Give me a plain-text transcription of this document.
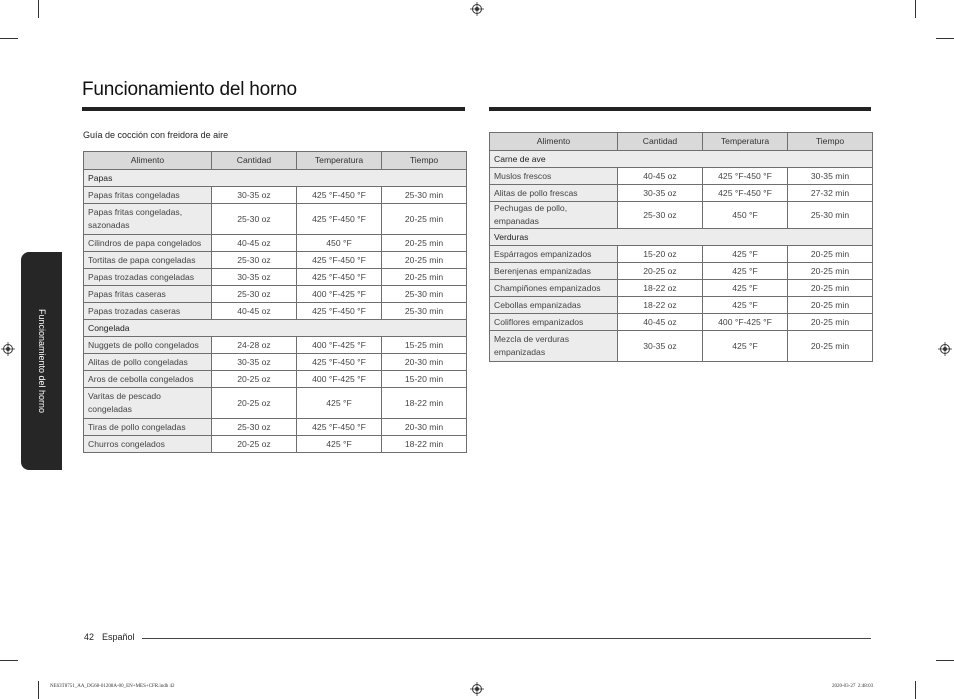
Funcionamiento del horno
Guía de cocción con freidora de aire
Alimento	Cantidad	Temperatura	Tiempo
Papas			
Papas fritas congeladas	30-35 oz	425 °F-450 °F	25-30 min
Papas fritas congeladas, sazonadas	25-30 oz	425 °F-450 °F	20-25 min
Cilindros de papa congelados	40-45 oz	450 °F	20-25 min
Tortitas de papa congeladas	25-30 oz	425 °F-450 °F	20-25 min
Papas trozadas congeladas	30-35 oz	425 °F-450 °F	20-25 min
Papas fritas caseras	25-30 oz	400 °F-425 °F	25-30 min
Papas trozadas caseras	40-45 oz	425 °F-450 °F	25-30 min
Congelada			
Nuggets de pollo congelados	24-28 oz	400 °F-425 °F	15-25 min
Alitas de pollo congeladas	30-35 oz	425 °F-450 °F	20-30 min
Aros de cebolla congelados	20-25 oz	400 °F-425 °F	15-20 min
Varitas de pescado congeladas	20-25 oz	425 °F	18-22 min
Tiras de pollo congeladas	25-30 oz	425 °F-450 °F	20-30 min
Churros congelados	20-25 oz	425 °F	18-22 min
Alimento	Cantidad	Temperatura	Tiempo
Carne de ave			
Muslos frescos	40-45 oz	425 °F-450 °F	30-35 min
Alitas de pollo frescas	30-35 oz	425 °F-450 °F	27-32 min
Pechugas de pollo, empanadas	25-30 oz	450 °F	25-30 min
Verduras			
Espárragos empanizados	15-20 oz	425 °F	20-25 min
Berenjenas empanizadas	20-25 oz	425 °F	20-25 min
Champiñones empanizados	18-22 oz	425 °F	20-25 min
Cebollas empanizadas	18-22 oz	425 °F	20-25 min
Coliflores empanizados	40-45 oz	400 °F-425 °F	20-25 min
Mezcla de verduras empanizadas	30-35 oz	425 °F	20-25 min
Funcionamiento del horno
42 Español
NE63T8751_AA_DG68-01208A-00_EN+MES+CFR.indb 42	2020-03-27 ⁠ 2:48:03
